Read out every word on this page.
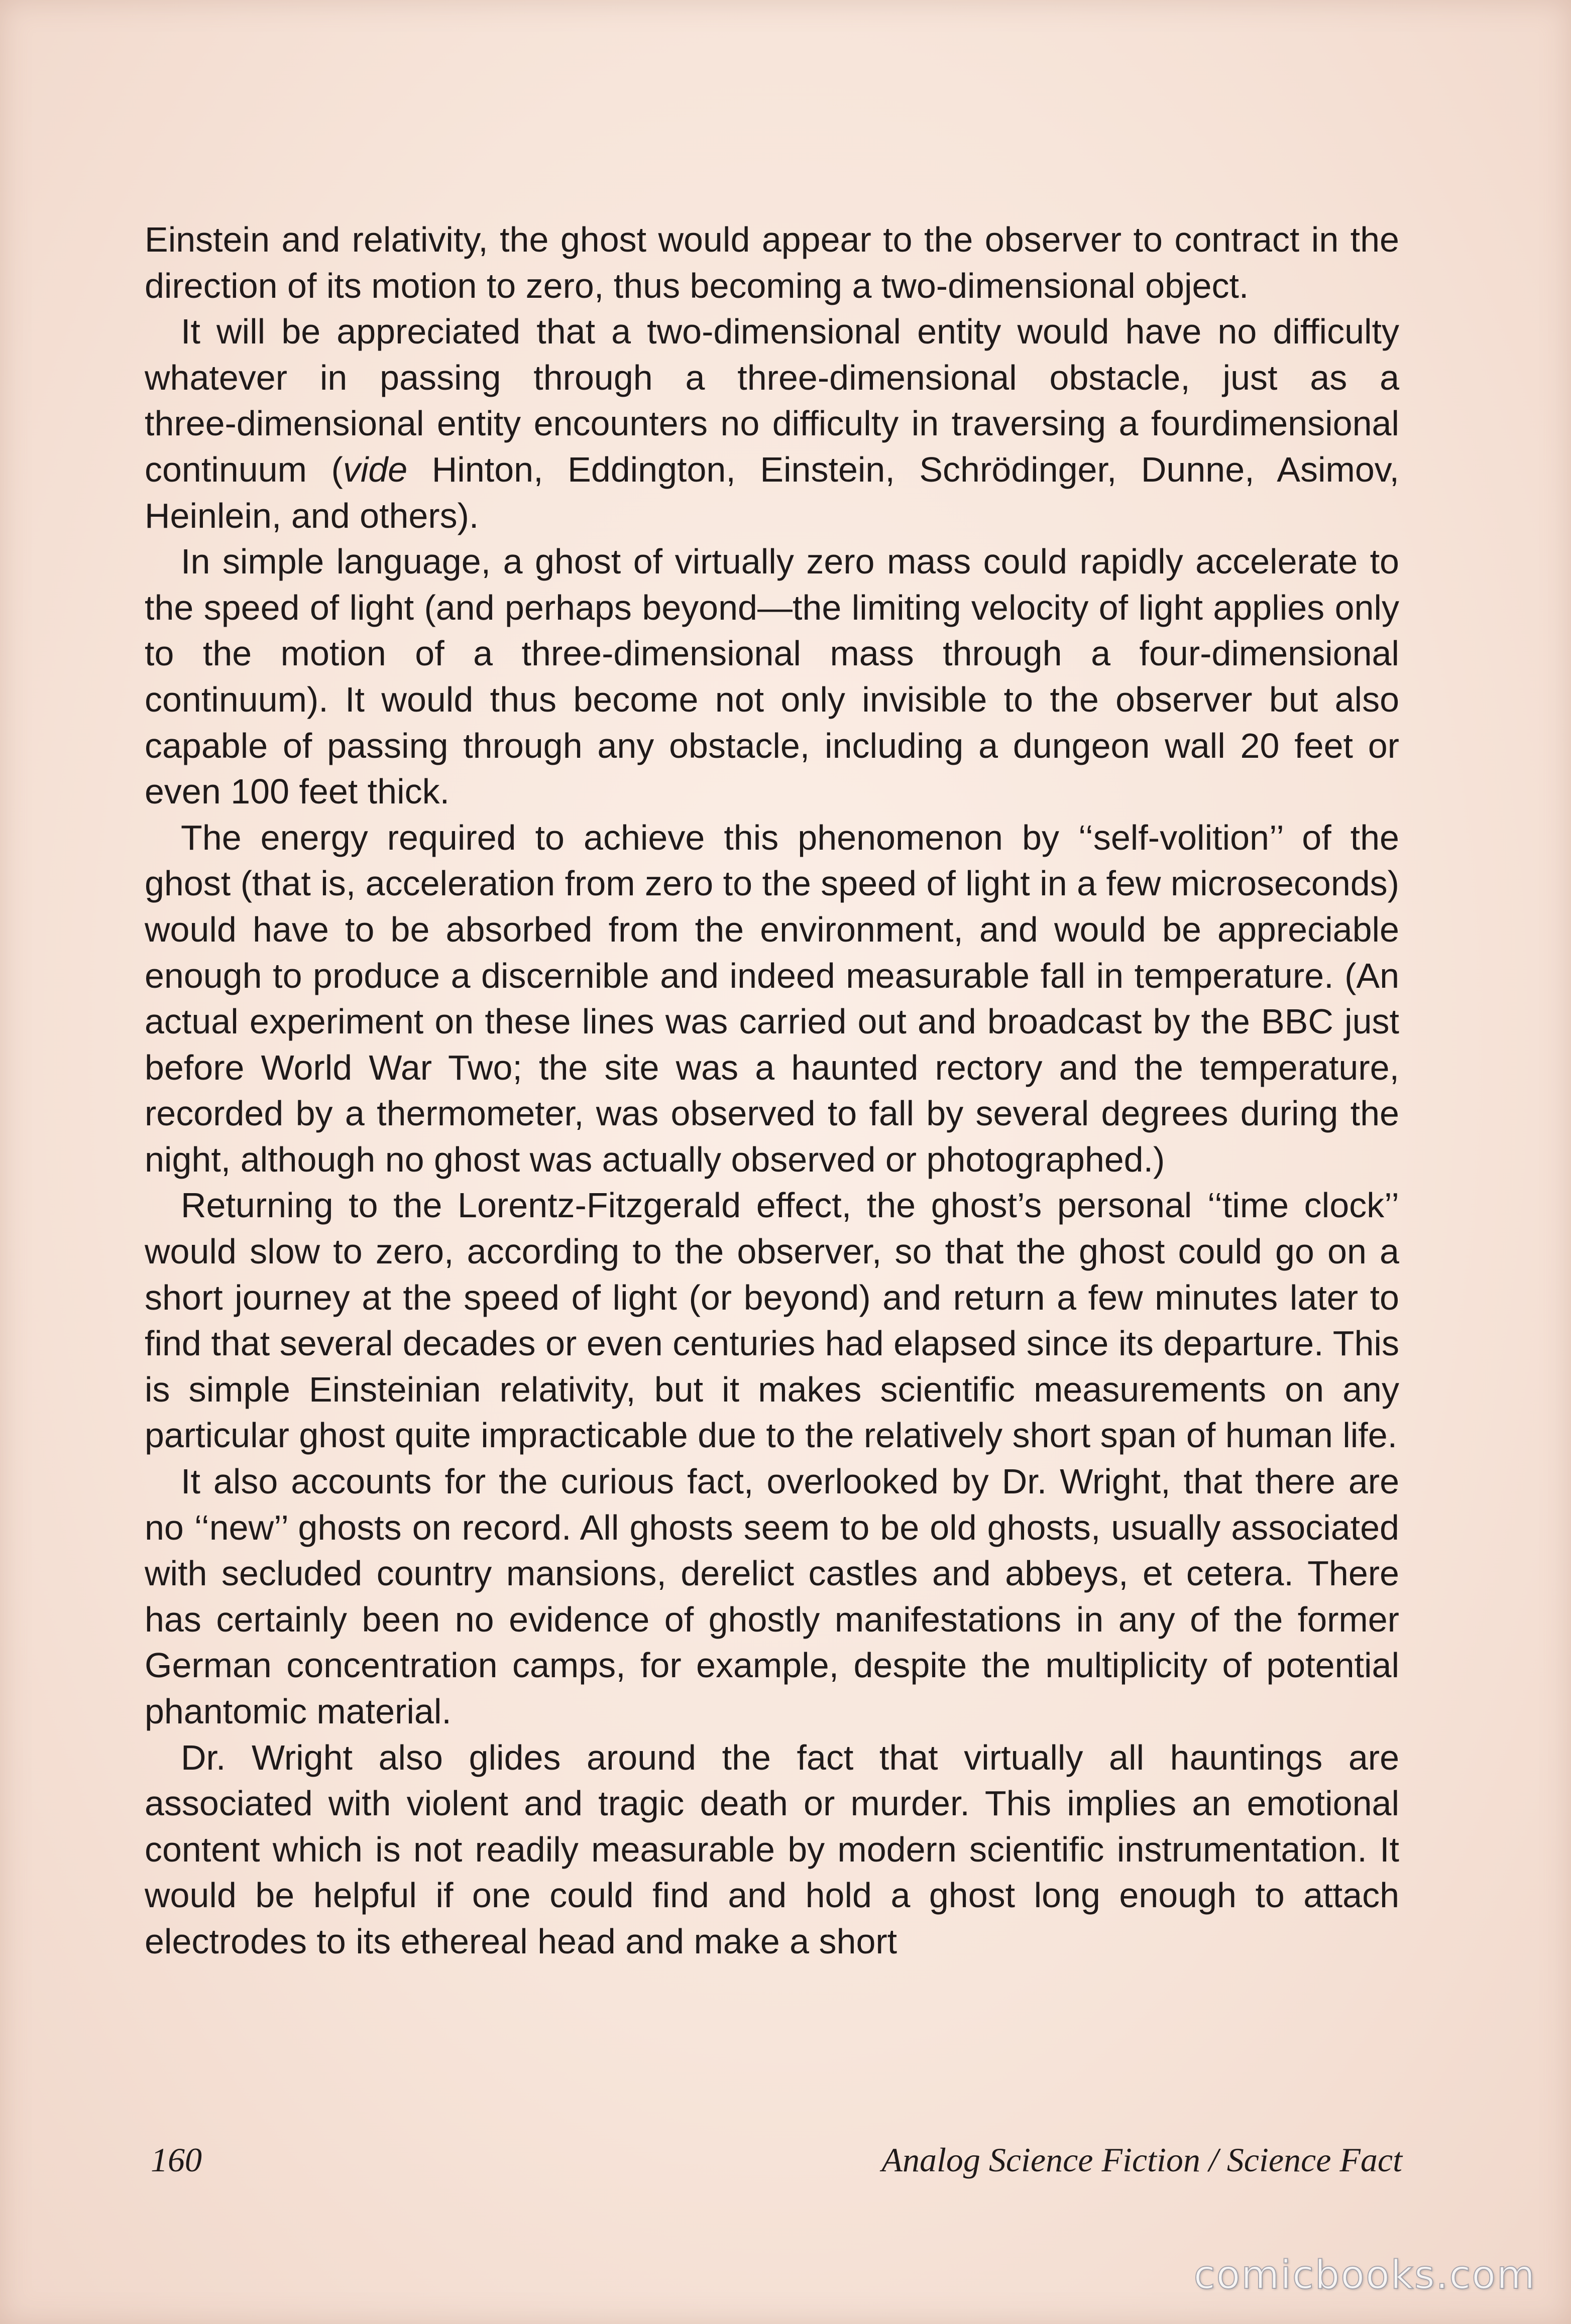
Einstein and relativity, the ghost would appear to the observer to contract in the direction of its motion to zero, thus becoming a two‑dimensional object.

It will be appreciated that a two‑dimensional entity would have no difficulty whatever in passing through a three‑dimensional obstacle, just as a three‑dimensional entity encounters no difficulty in traversing a fourdimensional continuum (vide Hinton, Eddington, Einstein, Schrödinger, Dunne, Asimov, Heinlein, and others).

In simple language, a ghost of virtually zero mass could rapidly accelerate to the speed of light (and perhaps beyond—the limiting velocity of light applies only to the motion of a three‑dimensional mass through a four‑dimensional continuum). It would thus become not only invisible to the observer but also capable of passing through any obstacle, including a dungeon wall 20 feet or even 100 feet thick.

The energy required to achieve this phenomenon by ‘‘self‑volition’’ of the ghost (that is, acceleration from zero to the speed of light in a few microseconds) would have to be absorbed from the environment, and would be appreciable enough to produce a discernible and indeed measurable fall in temperature. (An actual experiment on these lines was carried out and broadcast by the BBC just before World War Two; the site was a haunted rectory and the temperature, recorded by a thermometer, was observed to fall by several degrees during the night, although no ghost was actually observed or photographed.)

Returning to the Lorentz‑Fitzgerald effect, the ghost’s personal ‘‘time clock’’ would slow to zero, according to the observer, so that the ghost could go on a short journey at the speed of light (or beyond) and return a few minutes later to find that several decades or even centuries had elapsed since its departure. This is simple Einsteinian relativity, but it makes scientific measurements on any particular ghost quite impracticable due to the relatively short span of human life.

It also accounts for the curious fact, overlooked by Dr. Wright, that there are no ‘‘new’’ ghosts on record. All ghosts seem to be old ghosts, usually associated with secluded country mansions, derelict castles and abbeys, et cetera. There has certainly been no evidence of ghostly manifestations in any of the former German concentration camps, for example, despite the multiplicity of potential phantomic material.

Dr. Wright also glides around the fact that virtually all hauntings are associated with violent and tragic death or murder. This implies an emotional content which is not readily measurable by modern scientific instrumentation. It would be helpful if one could find and hold a ghost long enough to attach electrodes to its ethereal head and make a short

160	Analog Science Fiction / Science Fact
comicbooks.com
